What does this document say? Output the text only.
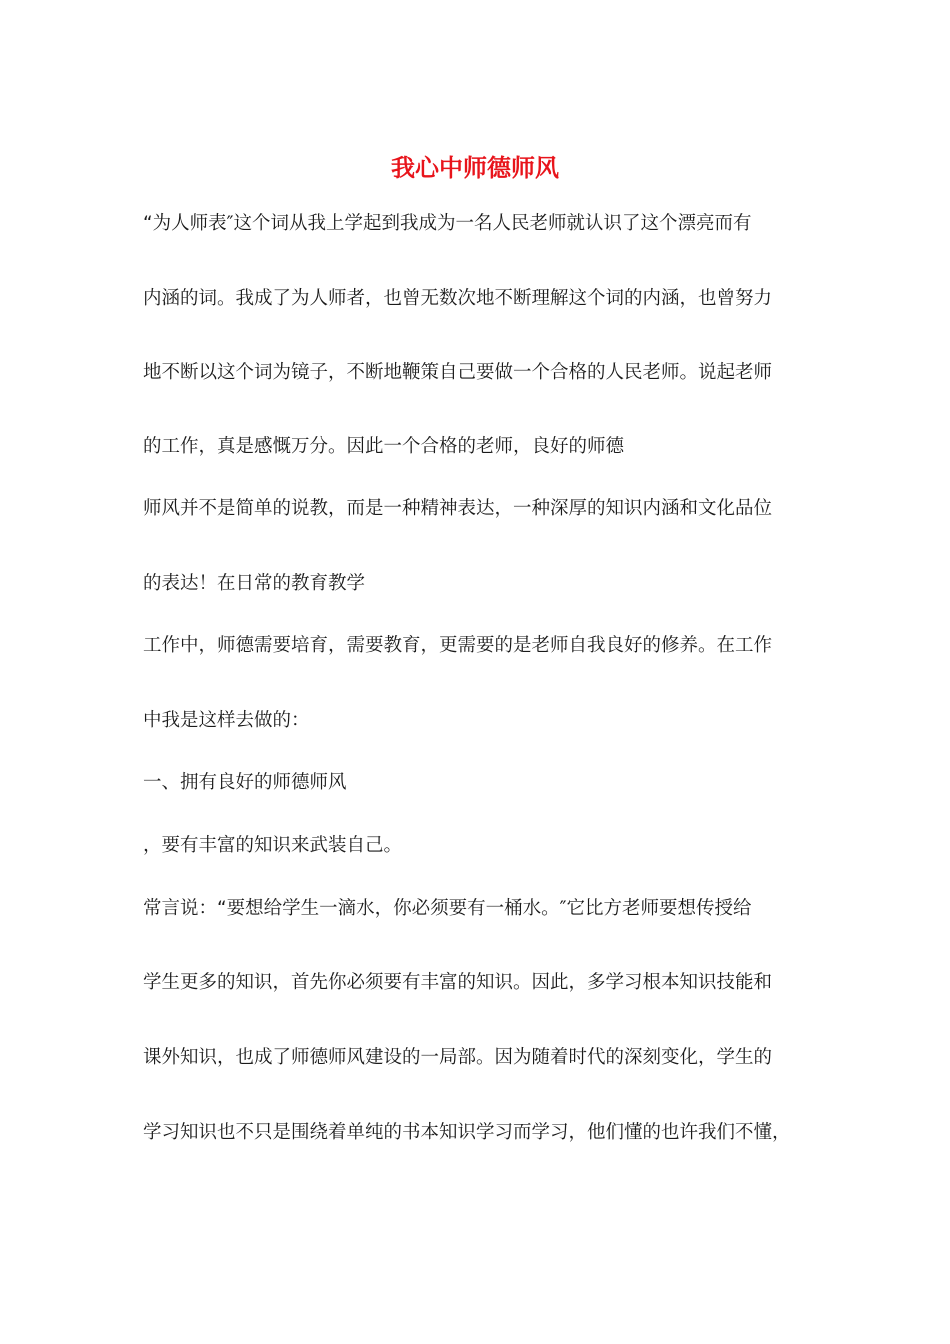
我心中师德师风
“为人师表″这个词从我上学起到我成为一名人民老师就认识了这个漂亮而有
内涵的词。我成了为人师者，也曾无数次地不断理解这个词的内涵，也曾努力
地不断以这个词为镜子，不断地鞭策自己要做一个合格的人民老师。说起老师
的工作，真是感慨万分。因此一个合格的老师，良好的师德
师风并不是简单的说教，而是一种精神表达，一种深厚的知识内涵和文化品位
的表达！在日常的教育教学
工作中，师德需要培育，需要教育，更需要的是老师自我良好的修养。在工作
中我是这样去做的：
一、拥有良好的师德师风
，要有丰富的知识来武装自己。
常言说：“要想给学生一滴水，你必须要有一桶水。″它比方老师要想传授给
学生更多的知识，首先你必须要有丰富的知识。因此，多学习根本知识技能和
课外知识，也成了师德师风建设的一局部。因为随着时代的深刻变化，学生的
学习知识也不只是围绕着单纯的书本知识学习而学习，他们懂的也许我们不懂，
